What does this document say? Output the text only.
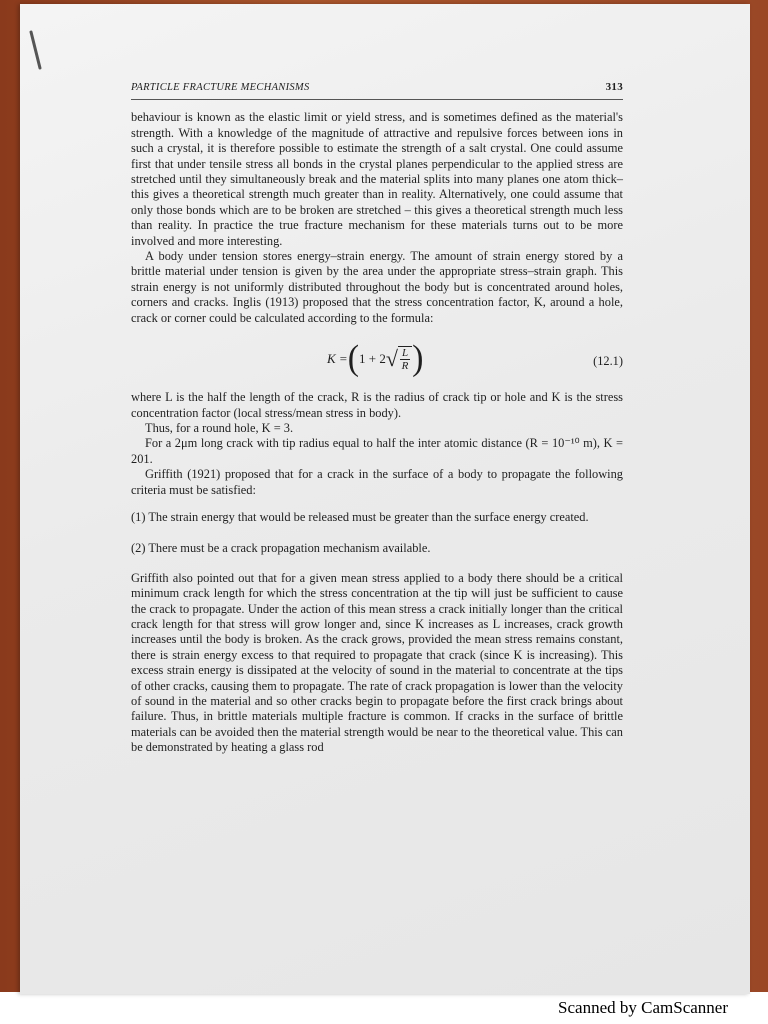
PARTICLE FRACTURE MECHANISMS	313

behaviour is known as the elastic limit or yield stress, and is sometimes defined as the material's strength. With a knowledge of the magnitude of attractive and repulsive forces between ions in such a crystal, it is therefore possible to estimate the strength of a salt crystal. One could assume first that under tensile stress all bonds in the crystal planes perpendicular to the applied stress are stretched until they simultaneously break and the material splits into many planes one atom thick–this gives a theoretical strength much greater than in reality. Alternatively, one could assume that only those bonds which are to be broken are stretched – this gives a theoretical strength much less than reality. In practice the true fracture mechanism for these materials turns out to be more involved and more interesting.

A body under tension stores energy–strain energy. The amount of strain energy stored by a brittle material under tension is given by the area under the appropriate stress–strain graph. This strain energy is not uniformly distributed throughout the body but is concentrated around holes, corners and cracks. Inglis (1913) proposed that the stress concentration factor, K, around a hole, crack or corner could be calculated according to the formula:

K = ( 1 + 2 √ $\frac{L}{R}$ )	(12.1)

where L is the half the length of the crack, R is the radius of crack tip or hole and K is the stress concentration factor (local stress/mean stress in body).

Thus, for a round hole, K = 3.

For a 2μm long crack with tip radius equal to half the inter atomic distance (R = 10⁻¹⁰ m), K = 201.

Griffith (1921) proposed that for a crack in the surface of a body to propagate the following criteria must be satisfied:

(1) The strain energy that would be released must be greater than the surface energy created.
(2) There must be a crack propagation mechanism available.

Griffith also pointed out that for a given mean stress applied to a body there should be a critical minimum crack length for which the stress concentration at the tip will just be sufficient to cause the crack to propagate. Under the action of this mean stress a crack initially longer than the critical crack length for that stress will grow longer and, since K increases as L increases, crack growth increases until the body is broken. As the crack grows, provided the mean stress remains constant, there is strain energy excess to that required to propagate that crack (since K is increasing). This excess strain energy is dissipated at the velocity of sound in the material to concentrate at the tips of other cracks, causing them to propagate. The rate of crack propagation is lower than the velocity of sound in the material and so other cracks begin to propagate before the first crack brings about failure. Thus, in brittle materials multiple fracture is common. If cracks in the surface of brittle materials can be avoided then the material strength would be near to the theoretical value. This can be demonstrated by heating a glass rod

Scanned by CamScanner
